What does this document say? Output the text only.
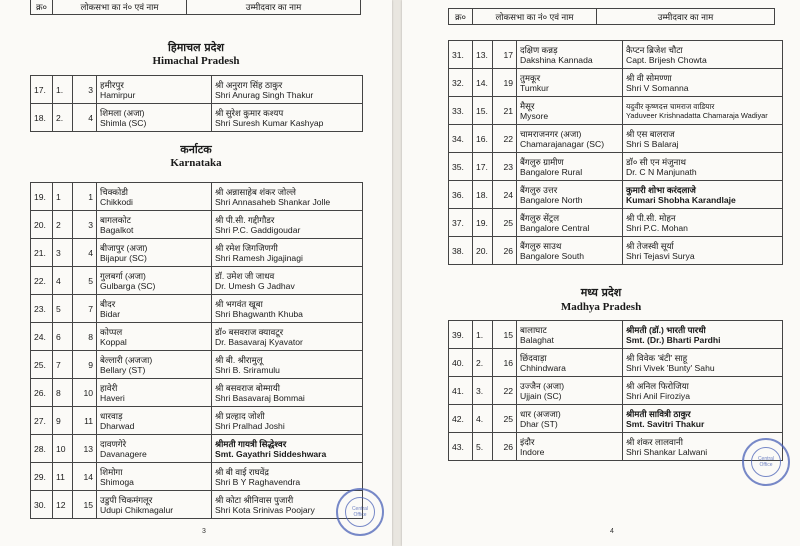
क्र०	लोकसभा का नं० एवं नाम	उम्मीदवार का नाम
हिमाचल प्रदेश
Himachal Pradesh
17.	1.	3	हमीरपुर
Hamirpur	श्री अनुराग सिंह ठाकुर
Shri Anurag Singh Thakur

18.	2.	4	शिमला (अजा)
Shimla (SC)	श्री सुरेश कुमार कश्यप
Shri Suresh Kumar Kashyap
कर्नाटक
Karnataka
19.	1	1	चिक्कोडी
Chikkodi	श्री अन्नासाहेब शंकर जोल्ले
Shri Annasaheb Shankar Jolle

20.	2	3	बागलकोट
Bagalkot	श्री पी.सी. गद्दीगौडर
Shri P.C. Gaddigoudar

21.	3	4	बीजापुर (अजा)
Bijapur (SC)	श्री रमेश जिगजिणगी
Shri Ramesh Jigajinagi

22.	4	5	गुलबर्गा (अजा)
Gulbarga (SC)	डॉ. उमेश जी जाधव
Dr. Umesh G Jadhav

23.	5	7	बीदर
Bidar	श्री भगवंत खूबा
Shri Bhagwanth Khuba

24.	6	8	कोप्पल
Koppal	डॉ० बसवराज क्यावटूर
Dr. Basavaraj Kyavator

25.	7	9	बेल्लारी (अजजा)
Bellary (ST)	श्री बी. श्रीरामुलू
Shri B. Sriramulu

26.	8	10	हावेरी
Haveri	श्री बसवराज बोम्मायी
Shri Basavaraj Bommai

27.	9	11	धारवाड़
Dharwad	श्री प्रल्हाद जोशी
Shri Pralhad Joshi

28.	10	13	दावणगेरे
Davanagere	श्रीमती गायत्री सिद्धेश्वर
Smt. Gayathri Siddeshwara

29.	11	14	शिमोगा
Shimoga	श्री बी वाई राघवेंद्र
Shri B Y Raghavendra

30.	12	15	उडुपी चिकमंगलूर
Udupi Chikmagalur	श्री कोटा श्रीनिवास पुजारी
Shri Kota Srinivas Poojary
3
Central Office
क्र०	लोकसभा का नं० एवं नाम	उम्मीदवार का नाम
31.	13.	17	दक्षिण कन्नड़
Dakshina Kannada	कैप्टन ब्रिजेश चौटा
Capt. Brijesh Chowta

32.	14.	19	तुमकूर
Tumkur	श्री वी सोमण्णा
Shri V Somanna

33.	15.	21	मैसूर
Mysore	यदुवीर कृष्णदत्त चामराज वाडियार
Yaduveer Krishnadatta Chamaraja Wadiyar

34.	16.	22	चामराजनगर (अजा)
Chamarajanagar (SC)	श्री एस बालराज
Shri S Balaraj

35.	17.	23	बैंगलुरु ग्रामीण
Bangalore Rural	डॉ० सी एन मंजुनाथ
Dr. C N Manjunath

36.	18.	24	बैंगलुरु उत्तर
Bangalore North	कुमारी शोभा करंदलाजे
Kumari Shobha Karandlaje

37.	19.	25	बैंगलुरु सेंट्रल
Bangalore Central	श्री पी.सी. मोहन
Shri P.C. Mohan

38.	20.	26	बैंगलुरु साउथ
Bangalore South	श्री तेजस्वी सूर्या
Shri Tejasvi Surya
मध्य प्रदेश
Madhya Pradesh
39.	1.	15	बालाघाट
Balaghat	श्रीमती (डॉ.) भारती पारधी
Smt. (Dr.) Bharti Pardhi

40.	2.	16	छिंदवाड़ा
Chhindwara	श्री विवेक 'बंटी' साहू
Shri Vivek 'Bunty' Sahu

41.	3.	22	उज्जैन (अजा)
Ujjain (SC)	श्री अनिल फिरोजिया
Shri Anil Firoziya

42.	4.	25	धार (अजजा)
Dhar (ST)	श्रीमती सावित्री ठाकुर
Smt. Savitri Thakur

43.	5.	26	इंदौर
Indore	श्री शंकर लालवानी
Shri Shankar Lalwani
4
Central Office
